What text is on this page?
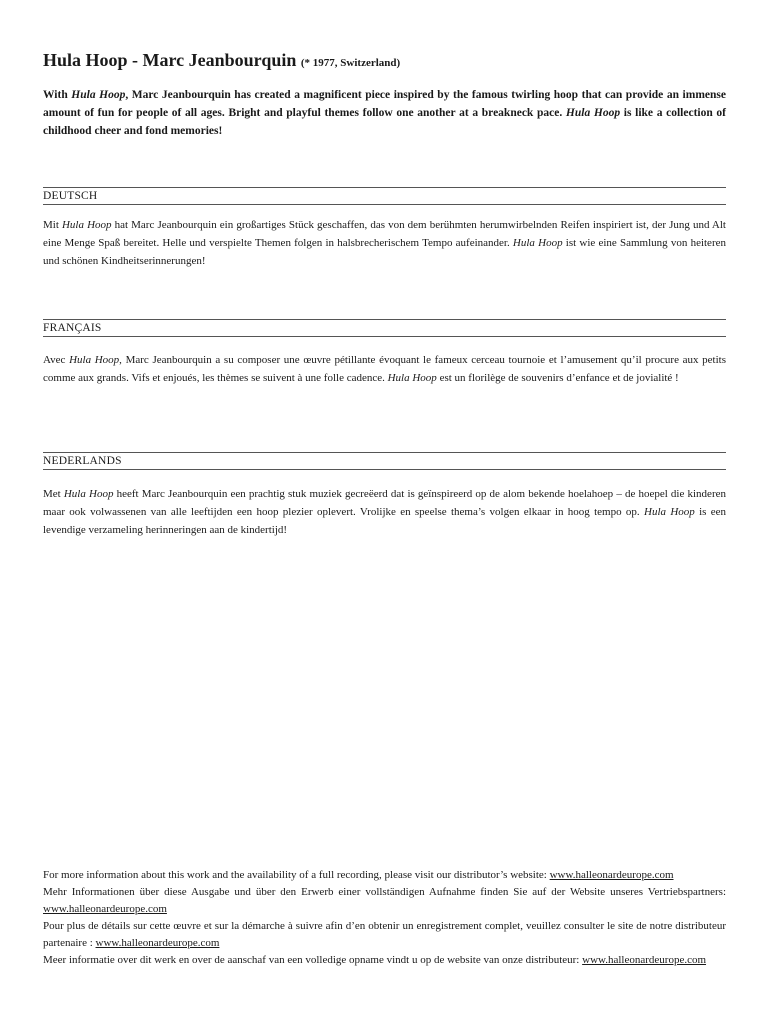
Hula Hoop - Marc Jeanbourquin (* 1977, Switzerland)
With Hula Hoop, Marc Jeanbourquin has created a magnificent piece inspired by the famous twirling hoop that can provide an immense amount of fun for people of all ages. Bright and playful themes follow one another at a breakneck pace. Hula Hoop is like a collection of childhood cheer and fond memories!
DEUTSCH
Mit Hula Hoop hat Marc Jeanbourquin ein großartiges Stück geschaffen, das von dem berühmten herumwirbelnden Reifen inspiriert ist, der Jung und Alt eine Menge Spaß bereitet. Helle und verspielte Themen folgen in halsbrecherischem Tempo aufeinander. Hula Hoop ist wie eine Sammlung von heiteren und schönen Kindheitserinnerungen!
FRANÇAIS
Avec Hula Hoop, Marc Jeanbourquin a su composer une œuvre pétillante évoquant le fameux cerceau tournoie et l’amusement qu’il procure aux petits comme aux grands. Vifs et enjoués, les thèmes se suivent à une folle cadence. Hula Hoop est un florilège de souvenirs d’enfance et de jovialité !
NEDERLANDS
Met Hula Hoop heeft Marc Jeanbourquin een prachtig stuk muziek gecreëerd dat is geïnspireerd op de alom bekende hoelahoep – de hoepel die kinderen maar ook volwassenen van alle leeftijden een hoop plezier oplevert. Vrolijke en speelse thema’s volgen elkaar in hoog tempo op. Hula Hoop is een levendige verzameling herinneringen aan de kindertijd!
For more information about this work and the availability of a full recording, please visit our distributor’s website: www.halleonardeurope.com
Mehr Informationen über diese Ausgabe und über den Erwerb einer vollständigen Aufnahme finden Sie auf der Website unseres Vertriebspartners: www.halleonardeurope.com
Pour plus de détails sur cette œuvre et sur la démarche à suivre afin d’en obtenir un enregistrement complet, veuillez consulter le site de notre distributeur partenaire : www.halleonardeurope.com
Meer informatie over dit werk en over de aanschaf van een volledige opname vindt u op de website van onze distributeur: www.halleonardeurope.com
